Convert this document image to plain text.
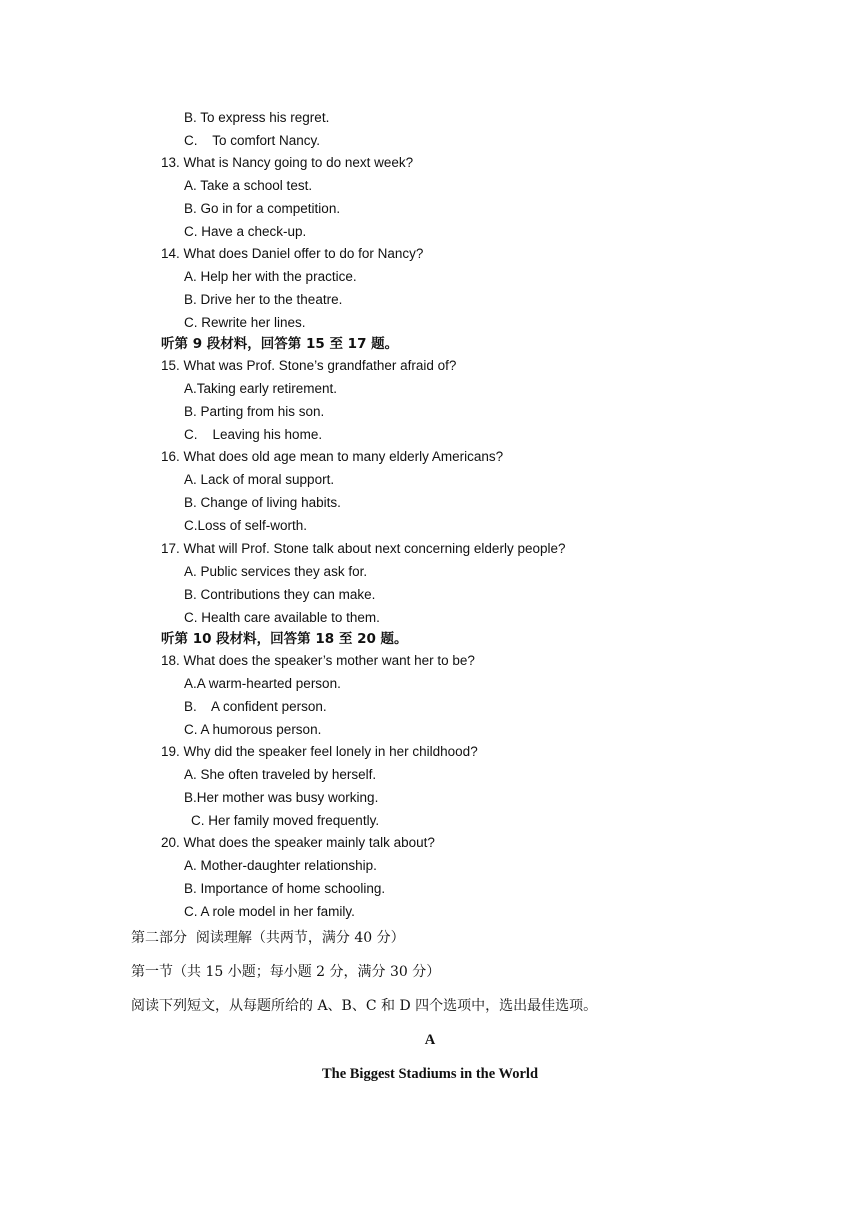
B. To express his regret.
C.    To comfort Nancy.
13. What is Nancy going to do next week?
A. Take a school test.
B. Go in for a competition.
C. Have a check-up.
14. What does Daniel offer to do for Nancy?
A. Help her with the practice.
B. Drive her to the theatre.
C. Rewrite her lines.
听第 9 段材料，回答第 15 至 17 题。
15. What was Prof. Stone’s grandfather afraid of?
A.Taking early retirement.
B. Parting from his son.
C.    Leaving his home.
16. What does old age mean to many elderly Americans?
A. Lack of moral support.
B. Change of living habits.
C.Loss of self-worth.
17. What will Prof. Stone talk about next concerning elderly people?
A. Public services they ask for.
B. Contributions they can make.
C. Health care available to them.
听第 10 段材料，回答第 18 至 20 题。
18. What does the speaker’s mother want her to be?
A.A warm-hearted person.
B.    A confident person.
C. A humorous person.
19. Why did the speaker feel lonely in her childhood?
A. She often traveled by herself.
B.Her mother was busy working.
C. Her family moved frequently.
20. What does the speaker mainly talk about?
A. Mother-daughter relationship.
B. Importance of home schooling.
C. A role model in her family.
第二部分  阅读理解（共两节，满分 40 分）
第一节（共 15 小题；每小题 2 分，满分 30 分）
阅读下列短文，从每题所给的 A、B、C 和 D 四个选项中，选出最佳选项。
A
The Biggest Stadiums in the World
